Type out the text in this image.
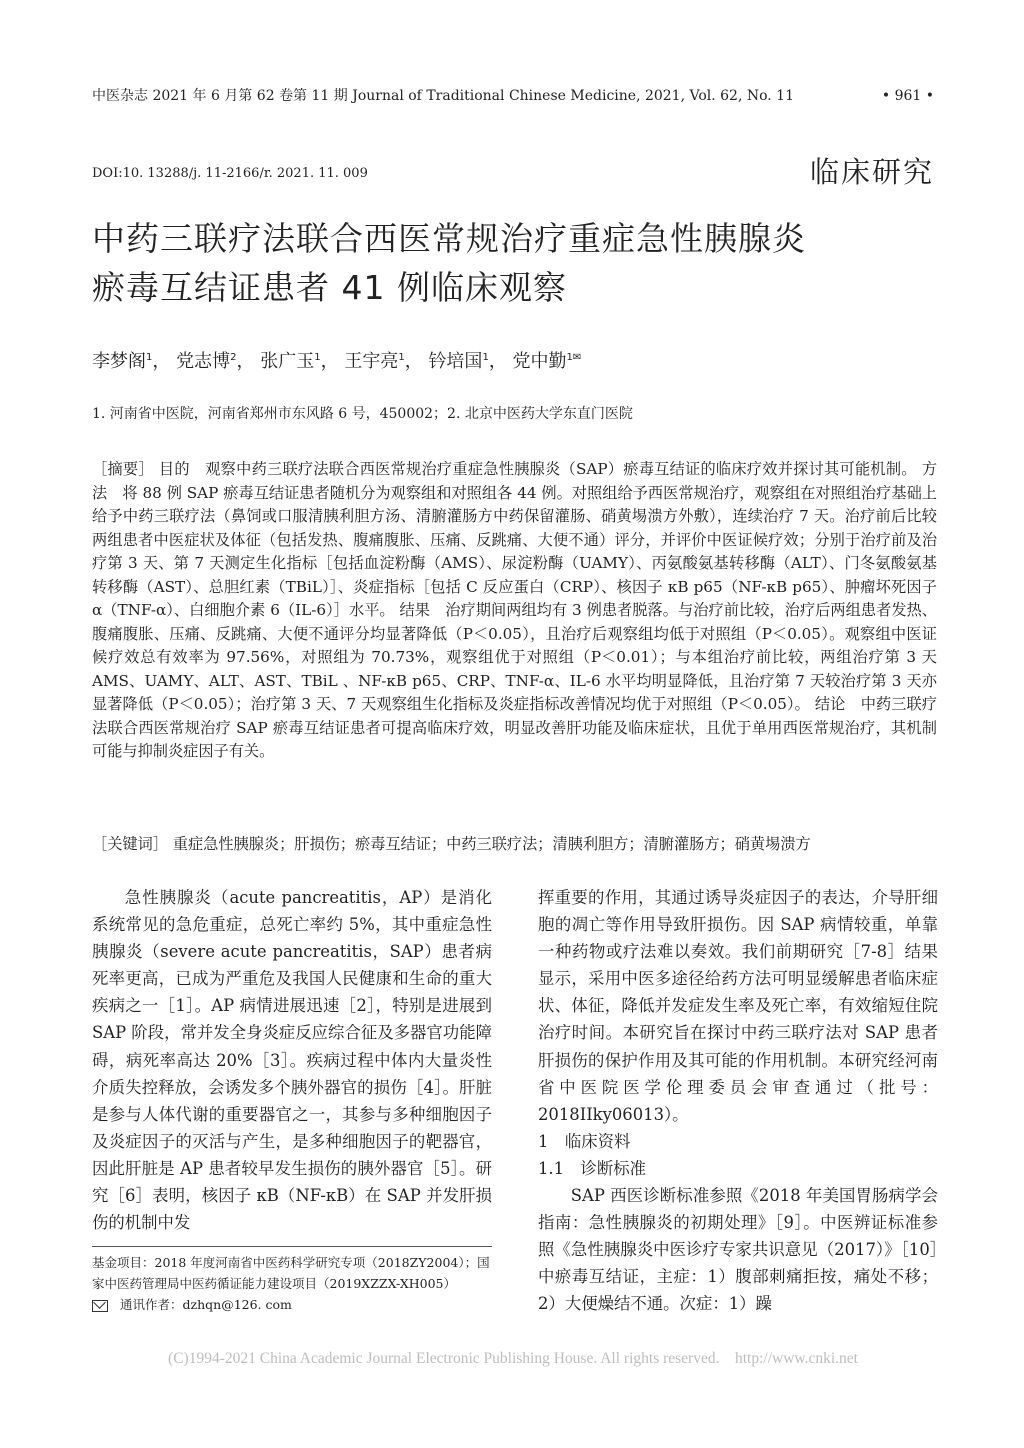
中医杂志 2021 年 6 月第 62 卷第 11 期 Journal of Traditional Chinese Medicine, 2021, Vol. 62, No. 11	• 961 •
DOI:10. 13288/j. 11-2166/r. 2021. 11. 009	临床研究
中药三联疗法联合西医常规治疗重症急性胰腺炎
瘀毒互结证患者 41 例临床观察
李梦阁$^1$， 党志博$^2$， 张广玉$^1$， 王宇亮$^1$， 钤培国$^1$， 党中勤$^{1✉}$
1. 河南省中医院，河南省郑州市东风路 6 号，450002；2. 北京中医药大学东直门医院
［摘要］ 目的　观察中药三联疗法联合西医常规治疗重症急性胰腺炎（SAP）瘀毒互结证的临床疗效并探讨其可能机制。 方法　将 88 例 SAP 瘀毒互结证患者随机分为观察组和对照组各 44 例。对照组给予西医常规治疗，观察组在对照组治疗基础上给予中药三联疗法（鼻饲或口服清胰利胆方汤、清腑灌肠方中药保留灌肠、硝黄埸溃方外敷），连续治疗 7 天。治疗前后比较两组患者中医症状及体征（包括发热、腹痛腹胀、压痛、反跳痛、大便不通）评分，并评价中医证候疗效；分别于治疗前及治疗第 3 天、第 7 天测定生化指标［包括血淀粉酶（AMS）、尿淀粉酶（UAMY）、丙氨酸氨基转移酶（ALT）、门冬氨酸氨基转移酶（AST）、总胆红素（TBiL）］、炎症指标［包括 C 反应蛋白（CRP）、核因子 κB p65（NF-κB p65）、肿瘤坏死因子 α（TNF-α）、白细胞介素 6（IL-6）］水平。 结果　治疗期间两组均有 3 例患者脱落。与治疗前比较，治疗后两组患者发热、腹痛腹胀、压痛、反跳痛、大便不通评分均显著降低（P＜0.05），且治疗后观察组均低于对照组（P＜0.05）。观察组中医证候疗效总有效率为 97.56%，对照组为 70.73%，观察组优于对照组（P＜0.01）；与本组治疗前比较，两组治疗第 3 天 AMS、UAMY、ALT、AST、TBiL 、NF-κB p65、CRP、TNF-α、IL-6 水平均明显降低，且治疗第 7 天较治疗第 3 天亦显著降低（P＜0.05）；治疗第 3 天、7 天观察组生化指标及炎症指标改善情况均优于对照组（P＜0.05）。 结论　中药三联疗法联合西医常规治疗 SAP 瘀毒互结证患者可提高临床疗效，明显改善肝功能及临床症状，且优于单用西医常规治疗，其机制可能与抑制炎症因子有关。
［关键词］ 重症急性胰腺炎；肝损伤；瘀毒互结证；中药三联疗法；清胰利胆方；清腑灌肠方；硝黄埸溃方

急性胰腺炎（acute pancreatitis，AP）是消化系统常见的急危重症，总死亡率约 5%，其中重症急性胰腺炎（severe acute pancreatitis，SAP）患者病死率更高，已成为严重危及我国人民健康和生命的重大疾病之一［1］。AP 病情进展迅速［2］，特别是进展到 SAP 阶段，常并发全身炎症反应综合征及多器官功能障碍，病死率高达 20%［3］。疾病过程中体内大量炎性介质失控释放，会诱发多个胰外器官的损伤［4］。肝脏是参与人体代谢的重要器官之一，其参与多种细胞因子及炎症因子的灭活与产生，是多种细胞因子的靶器官，因此肝脏是 AP 患者较早发生损伤的胰外器官［5］。研究［6］表明，核因子 κB（NF-κB）在 SAP 并发肝损伤的机制中发

挥重要的作用，其通过诱导炎症因子的表达，介导肝细胞的凋亡等作用导致肝损伤。因 SAP 病情较重，单靠一种药物或疗法难以奏效。我们前期研究［7-8］结果显示，采用中医多途径给药方法可明显缓解患者临床症状、体征，降低并发症发生率及死亡率，有效缩短住院治疗时间。本研究旨在探讨中药三联疗法对 SAP 患者肝损伤的保护作用及其可能的作用机制。本研究经河南省中医院医学伦理委员会审查通过（批号：2018IIky06013）。

1　临床资料

1.1　诊断标准

SAP 西医诊断标准参照《2018 年美国胃肠病学会指南：急性胰腺炎的初期处理》［9］。中医辨证标准参照《急性胰腺炎中医诊疗专家共识意见（2017）》［10］中瘀毒互结证，主症：1）腹部刺痛拒按，痛处不移；2）大便燥结不通。次症：1）躁

基金项目：2018 年度河南省中医药科学研究专项（2018ZY2004）；国家中医药管理局中医药循证能力建设项目（2019XZZX-XH005）
通讯作者：dzhqn@126. com
(C)1994-2021 China Academic Journal Electronic Publishing House. All rights reserved.　http://www.cnki.net
